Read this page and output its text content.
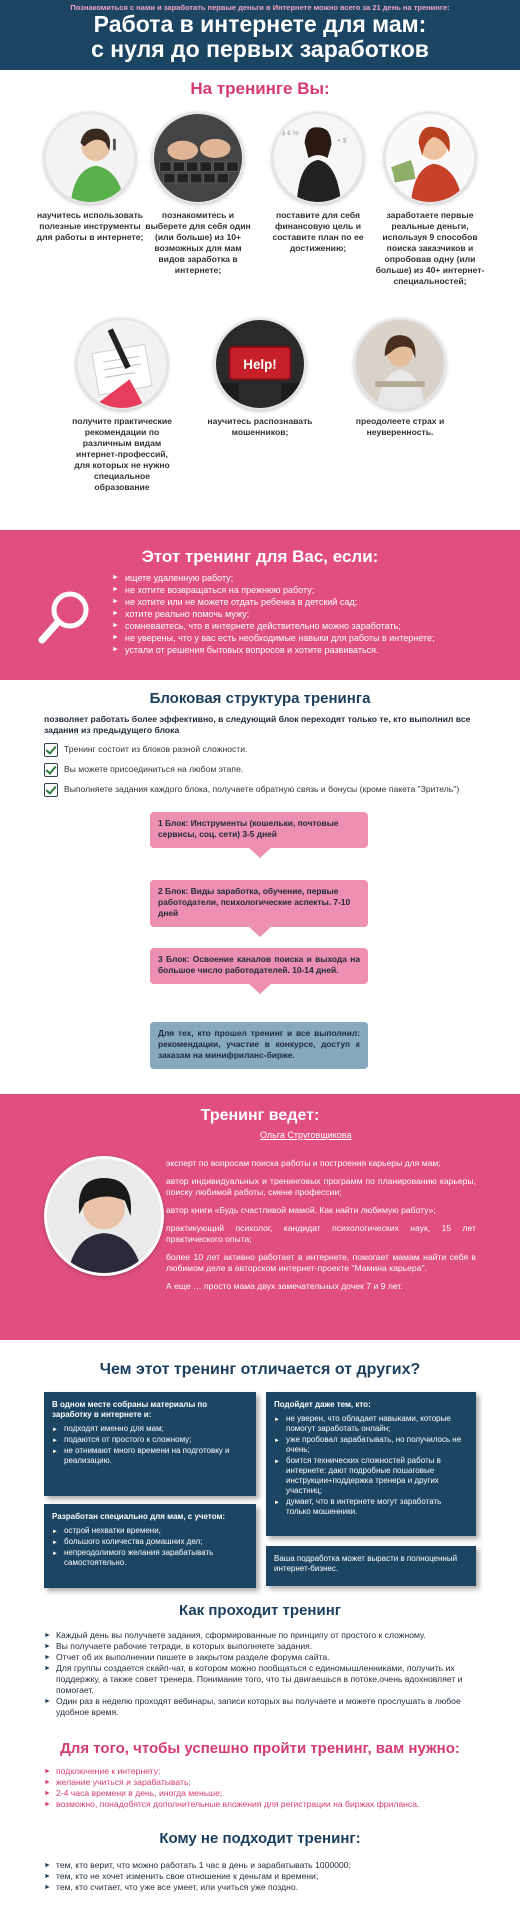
Познакомиться с нами и заработать первые деньги в Интернете можно всего за 21 день на тренинге:
Работа в интернете для мам:
с нуля до первых заработков
На тренинге Вы:
$ € %
+ $
научитесь использовать полезные инструменты для работы в интернете;
познакомитесь и выберете для себя один (или больше) из 10+ возможных для мам видов заработка в интернете;
поставите для себя финансовую цель и составите план по ее достижению;
заработаете первые реальные деньги, используя 9 способов поиска заказчиков и опробовав одну (или больше) из 40+ интернет-специальностей;
Help!
получите практические рекомендации по различным видам интернет-профессий, для которых не нужно специальное образование
научитесь распознавать мошенников;
преодолеете страх и неуверенность.
Этот тренинг для Вас, если:
► ищете удаленную работу;
► не хотите возвращаться на прежнюю работу;
► не хотите или не можете отдать ребенка в детский сад;
► хотите реально помочь мужу;
► сомневаетесь, что в интернете действительно можно заработать;
► не уверены, что у вас есть необходимые навыки для работы в интернете;
► устали от решения бытовых вопросов и хотите развиваться.
Блоковая структура тренинга
позволяет работать более эффективно, в следующий блок переходят только те, кто выполнил все задания из предыдущего блока
Тренинг состоит из блоков разной сложности.
Вы можете присоединиться на любом этапе.
Выполняете задания каждого блока, получаете обратную связь и бонусы (кроме пакета "Зритель")
1 Блок: Инструменты (кошельки, почтовые сервисы, соц. сети) 3-5 дней
2 Блок: Виды заработка, обучение, первые работодатели, психологические аспекты. 7-10 дней
3 Блок: Освоение каналов поиска и выхода на большое число работодателей. 10-14 дней.
Для тех, кто прошел тренинг и все выполнил: рекомендации, участие в конкурсе, доступ к заказам на минифриланс-бирже.
Тренинг ведет:
Ольга Струговщикова

эксперт по вопросам поиска работы и построения карьеры для мам;

автор индивидуальных и тренинговых программ по планированию карьеры, поиску любимой работы, смене профессии;

автор книги «Будь счастливой мамой. Как найти любимую работу»;

практикующий психолог, кандидат психологических наук, 15 лет практического опыта;

более 10 лет активно работает в интернете, помогает мамам найти себя в любимом деле в авторском интернет-проекте "Мамина карьера".

А еще … просто мама двух замечательных дочек 7 и 9 лет.

Чем этот тренинг отличается от других?
В одном месте собраны материалы по заработку в интернете и:
► подходят именно для мам;
► подаются от простого к сложному;
► не отнимают много времени на подготовку и реализацию.
Разработан специально для мам, с учетом:
► острой нехватки времени,
► большого количества домашних дел;
► непреодолимого желания зарабатывать самостоятельно.
Подойдет даже тем, кто:
► не уверен, что обладает навыками, которые помогут заработать онлайн;
► уже пробовал зарабатывать, но получилось не очень;
► боится технических сложностей работы в интернете: дают подробные пошаговые инструкции+поддержка тренера и других участниц;
► думает, что в интернете могут заработать только мошенники.
Ваша подработка может вырасти в полноценный интернет-бизнес.
Как проходит тренинг
► Каждый день вы получаете задания, сформированные по принципу от простого к сложному.
► Вы получаете рабочие тетради, в которых выполняете задания.
► Отчет об их выполнении пишете в закрытом разделе форума сайта.
► Для группы создается скайп-чат, в котором можно пообщаться с единомышленниками, получить их поддержку, а также совет тренера. Понимание того, что ты двигаешься в потоке,очень вдохновляет и помогает.
► Один раз в неделю проходят вебинары, записи которых вы получаете и можете прослушать в любое удобное время.
Для того, чтобы успешно пройти тренинг, вам нужно:
► подключение к интернету;
► желание учиться и зарабатывать;
► 2-4 часа времени в день, иногда меньше;
► возможно, понадобятся дополнительные вложения для регистрации на биржах фриланса.
Кому не подходит тренинг:
► тем, кто верит, что можно работать 1 час в день и зарабатывать 1000000;
► тем, кто не хочет изменить свое отношение к деньгам и времени;
► тем, кто считает, что уже все умеет, или учиться уже поздно.
